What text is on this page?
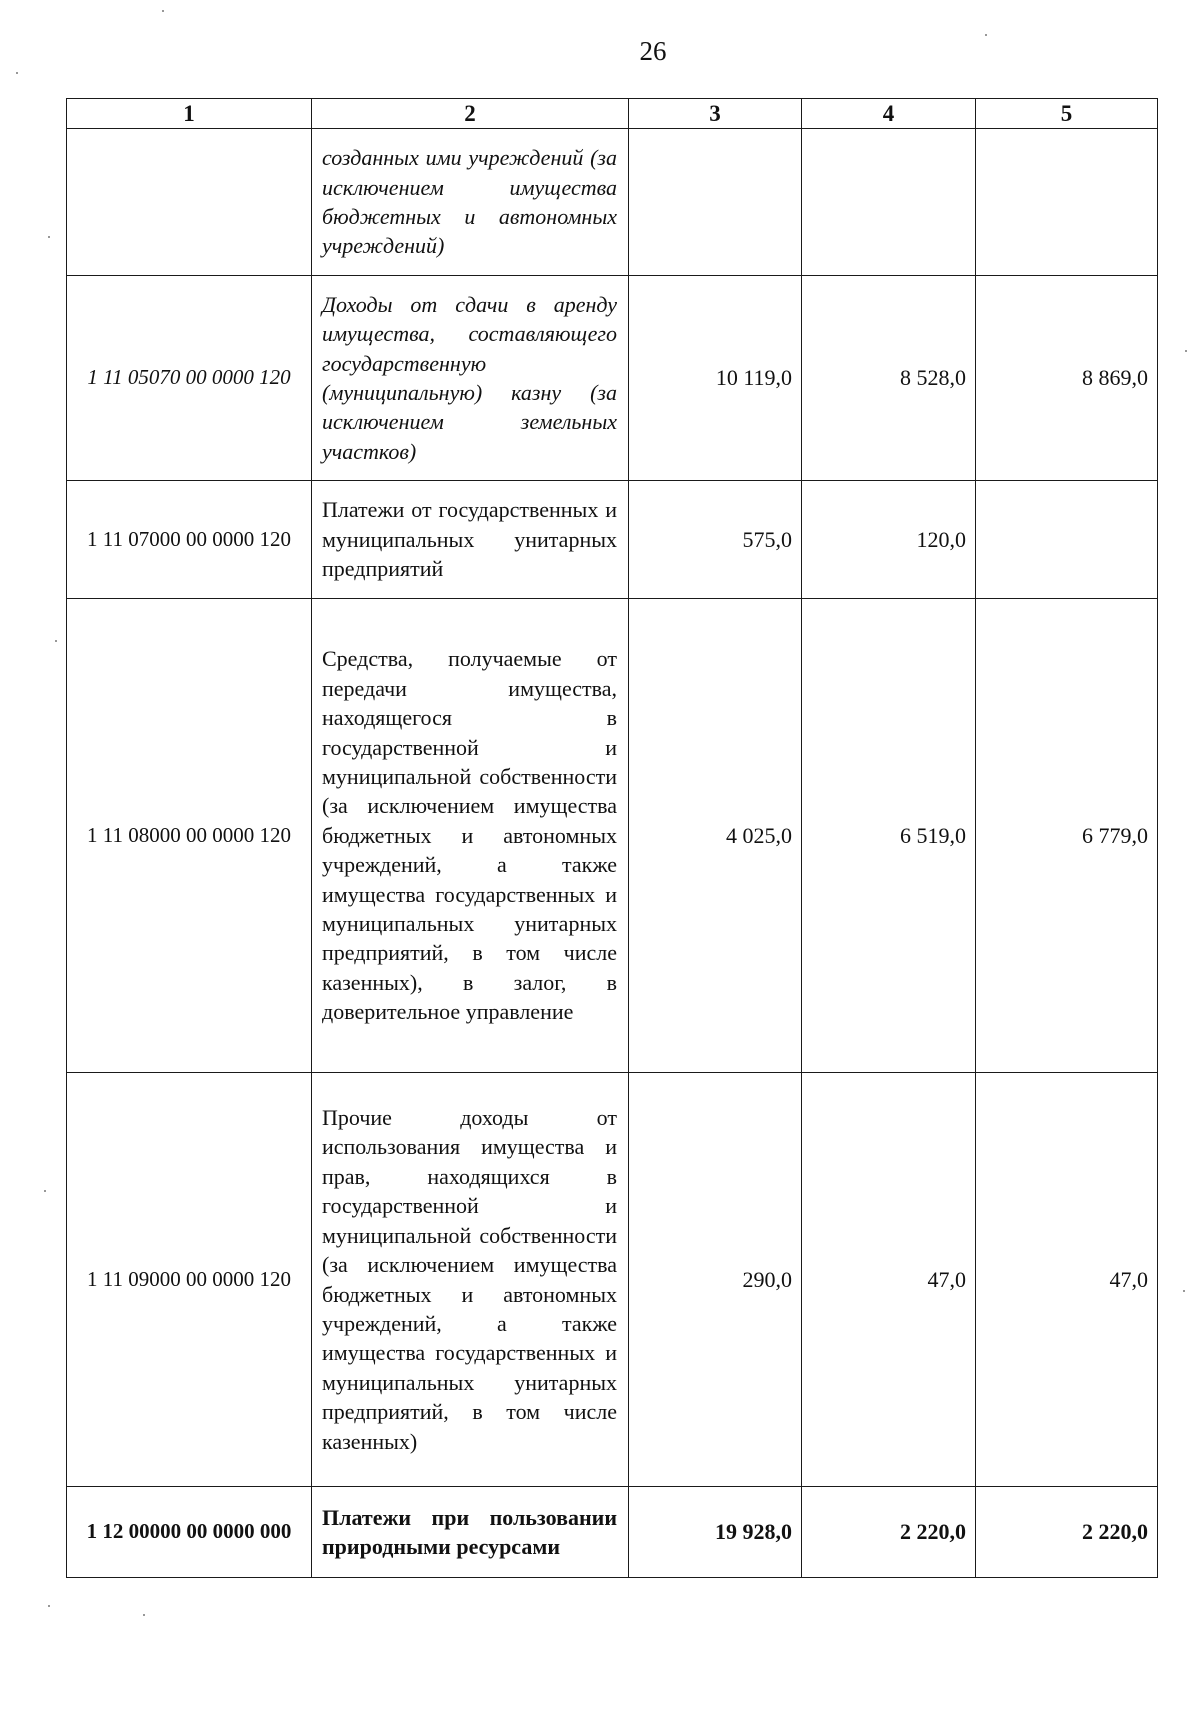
26
1	2	3	4	5
	созданных ими учреждений (за исключением имущества бюджетных и автономных учреждений)			
1 11 05070 00 0000 120	Доходы от сдачи в аренду имущества, составляющего государственную (муниципальную) казну (за исключением земельных участков)	10 119,0	8 528,0	8 869,0
1 11 07000 00 0000 120	Платежи от государственных и муниципальных унитарных предприятий	575,0	120,0	
1 11 08000 00 0000 120	Средства, получаемые от передачи имущества, находящегося в государственной и муниципальной собственности (за исключением имущества бюджетных и автономных учреждений, а также имущества государственных и муниципальных унитарных предприятий, в том числе казенных), в залог, в доверительное управление	4 025,0	6 519,0	6 779,0
1 11 09000 00 0000 120	Прочие доходы от использования имущества и прав, находящихся в государственной и муниципальной собственности (за исключением имущества бюджетных и автономных учреждений, а также имущества государственных и муниципальных унитарных предприятий, в том числе казенных)	290,0	47,0	47,0
1 12 00000 00 0000 000	Платежи при пользовании природными ресурсами	19 928,0	2 220,0	2 220,0
